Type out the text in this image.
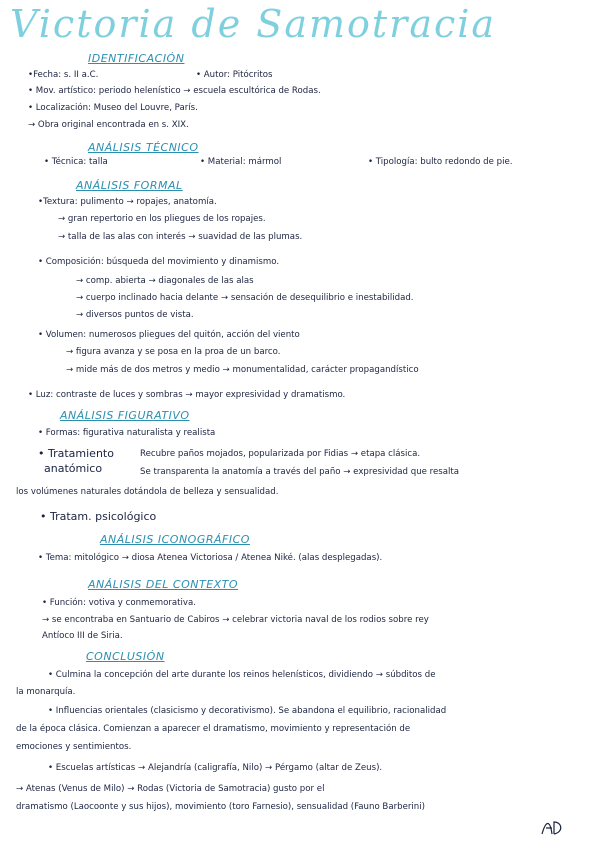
Victoria de Samotracia
IDENTIFICACIÓN
•Fecha: s. II a.C.	• Autor: Pitócritos
• Mov. artístico: periodo helenístico → escuela escultórica de Rodas.
• Localización: Museo del Louvre, París.
→ Obra original encontrada en s. XIX.
ANÁLISIS TÉCNICO
• Técnica: talla	• Material: mármol	• Tipología: bulto redondo de pie.
ANÁLISIS FORMAL
•Textura: pulimento → ropajes, anatomía.
→ gran repertorio en los pliegues de los ropajes.
→ talla de las alas con interés → suavidad de las plumas.
• Composición: búsqueda del movimiento y dinamismo.
→ comp. abierta → diagonales de las alas
→ cuerpo inclinado hacia delante → sensación de desequilibrio e inestabilidad.
→ diversos puntos de vista.
• Volumen: numerosos pliegues del quitón, acción del viento
→ figura avanza y se posa en la proa de un barco.
→ mide más de dos metros y medio → monumentalidad, carácter propagandístico
• Luz: contraste de luces y sombras → mayor expresividad y dramatismo.
ANÁLISIS FIGURATIVO
• Formas: figurativa naturalista y realista
• Tratamiento
anatómico
Recubre paños mojados, popularizada por Fidias → etapa clásica.
Se transparenta la anatomía a través del paño → expresividad que resalta
los volúmenes naturales dotándola de belleza y sensualidad.
• Tratam. psicológico
ANÁLISIS ICONOGRÁFICO
• Tema: mitológico → diosa Atenea Victoriosa / Atenea Niké. (alas desplegadas).
ANÁLISIS DEL CONTEXTO
• Función: votiva y conmemorativa.
→ se encontraba en Santuario de Cabiros → celebrar victoria naval de los rodios sobre rey
Antíoco III de Siria.
CONCLUSIÓN
• Culmina la concepción del arte durante los reinos helenísticos, dividiendo → súbditos de
la monarquía.
• Influencias orientales (clasicismo y decorativismo). Se abandona el equilibrio, racionalidad
de la época clásica. Comienzan a aparecer el dramatismo, movimiento y representación de
emociones y sentimientos.
• Escuelas artísticas → Alejandría (caligrafía, Nilo) → Pérgamo (altar de Zeus).
→ Atenas (Venus de Milo) → Rodas (Victoria de Samotracia) gusto por el
dramatismo (Laocoonte y sus hijos), movimiento (toro Farnesio), sensualidad (Fauno Barberini)
